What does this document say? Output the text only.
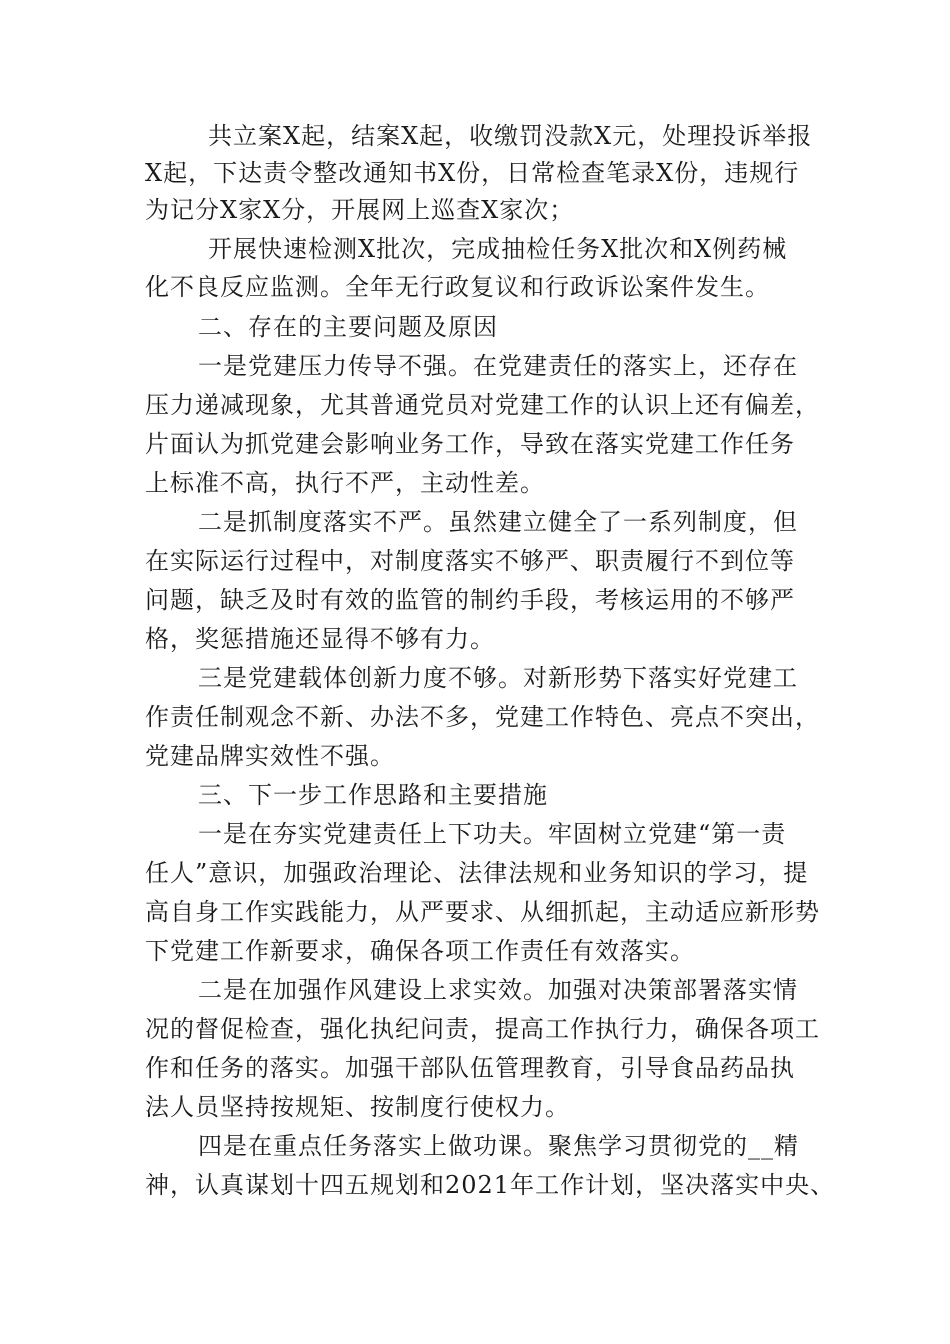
共立案X起，结案X起，收缴罚没款X元，处理投诉举报
X起，下达责令整改通知书X份，日常检查笔录X份，违规行
为记分X家X分，开展网上巡查X家次；
开展快速检测X批次，完成抽检任务X批次和X例药械
化不良反应监测。全年无行政复议和行政诉讼案件发生。
二、存在的主要问题及原因
一是党建压力传导不强。在党建责任的落实上，还存在
压力递减现象，尤其普通党员对党建工作的认识上还有偏差，
片面认为抓党建会影响业务工作，导致在落实党建工作任务
上标准不高，执行不严，主动性差。
二是抓制度落实不严。虽然建立健全了一系列制度，但
在实际运行过程中，对制度落实不够严、职责履行不到位等
问题，缺乏及时有效的监管的制约手段，考核运用的不够严
格，奖惩措施还显得不够有力。
三是党建载体创新力度不够。对新形势下落实好党建工
作责任制观念不新、办法不多，党建工作特色、亮点不突出，
党建品牌实效性不强。
三、下一步工作思路和主要措施
一是在夯实党建责任上下功夫。牢固树立党建“第一责
任人”意识，加强政治理论、法律法规和业务知识的学习，提
高自身工作实践能力，从严要求、从细抓起，主动适应新形势
下党建工作新要求，确保各项工作责任有效落实。
二是在加强作风建设上求实效。加强对决策部署落实情
况的督促检查，强化执纪问责，提高工作执行力，确保各项工
作和任务的落实。加强干部队伍管理教育，引导食品药品执
法人员坚持按规矩、按制度行使权力。
四是在重点任务落实上做功课。聚焦学习贯彻党的__精
神，认真谋划十四五规划和2021年工作计划，坚决落实中央、
